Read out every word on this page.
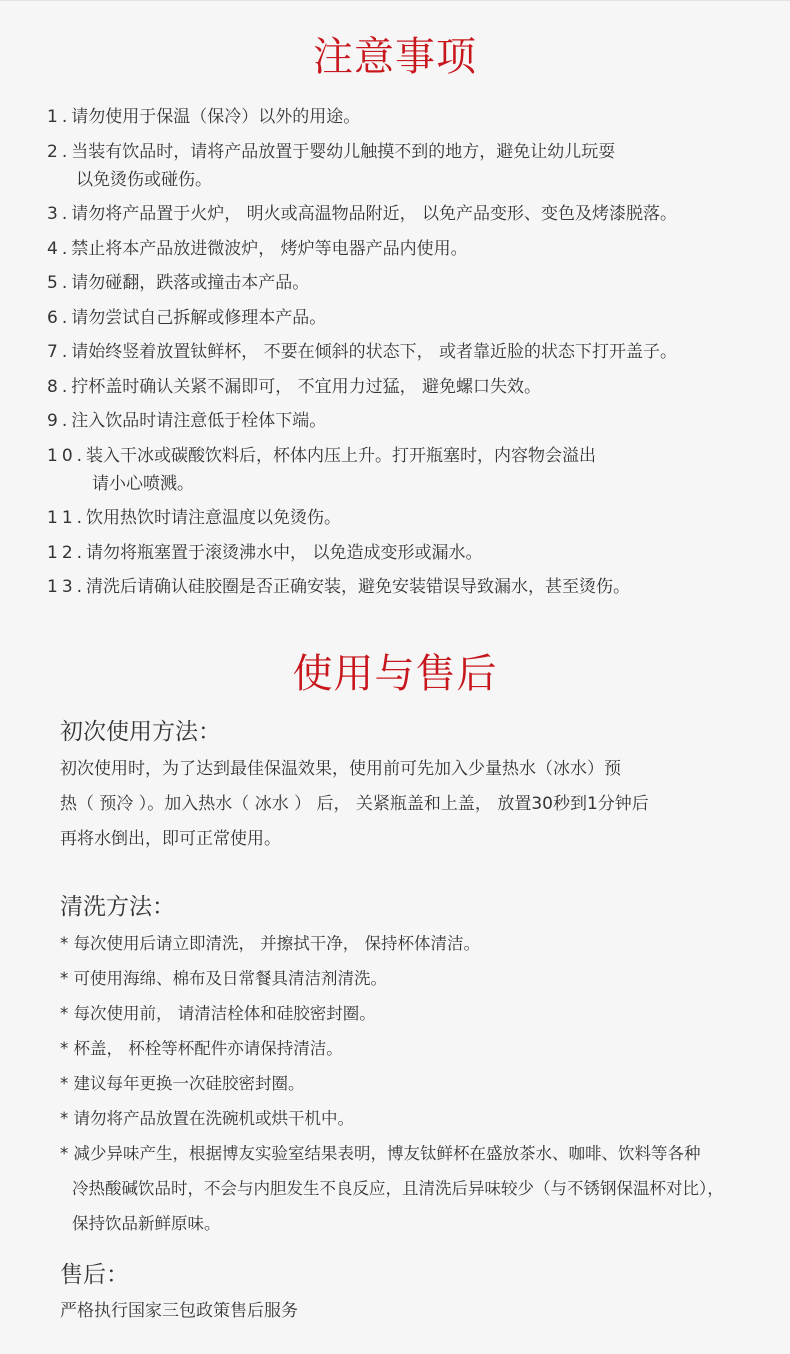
注意事项
1.请勿使用于保温（保冷）以外的用途。
2.当装有饮品时，请将产品放置于婴幼儿触摸不到的地方，避免让幼儿玩耍
以免烫伤或碰伤。
3.请勿将产品置于火炉， 明火或高温物品附近， 以免产品变形、变色及烤漆脱落。
4.禁止将本产品放进微波炉， 烤炉等电器产品内使用。
5.请勿碰翻，跌落或撞击本产品。
6.请勿尝试自己拆解或修理本产品。
7.请始终竖着放置钛鲜杯， 不要在倾斜的状态下， 或者靠近脸的状态下打开盖子。
8.拧杯盖时确认关紧不漏即可， 不宜用力过猛， 避免螺口失效。
9.注入饮品时请注意低于栓体下端。
10.装入干冰或碳酸饮料后，杯体内压上升。打开瓶塞时，内容物会溢出
请小心喷溅。
11.饮用热饮时请注意温度以免烫伤。
12.请勿将瓶塞置于滚烫沸水中， 以免造成变形或漏水。
13.清洗后请确认硅胶圈是否正确安装，避免安装错误导致漏水，甚至烫伤。
使用与售后
初次使用方法：

初次使用时，为了达到最佳保温效果，使用前可先加入少量热水（冰水）预
热（ 预冷 ）。加入热水（ 冰水 ） 后， 关紧瓶盖和上盖， 放置30秒到1分钟后
再将水倒出，即可正常使用。

清洗方法：
* 每次使用后请立即清洗， 并擦拭干净， 保持杯体清洁。
* 可使用海绵、棉布及日常餐具清洁剂清洗。
* 每次使用前， 请清洁栓体和硅胶密封圈。
* 杯盖， 杯栓等杯配件亦请保持清洁。
* 建议每年更换一次硅胶密封圈。
* 请勿将产品放置在洗碗机或烘干机中。
* 减少异味产生，根据博友实验室结果表明，博友钛鲜杯在盛放茶水、咖啡、饮料等各种
冷热酸碱饮品时，不会与内胆发生不良反应，且清洗后异味较少（与不锈钢保温杯对比），
保持饮品新鲜原味。
售后：
严格执行国家三包政策售后服务
